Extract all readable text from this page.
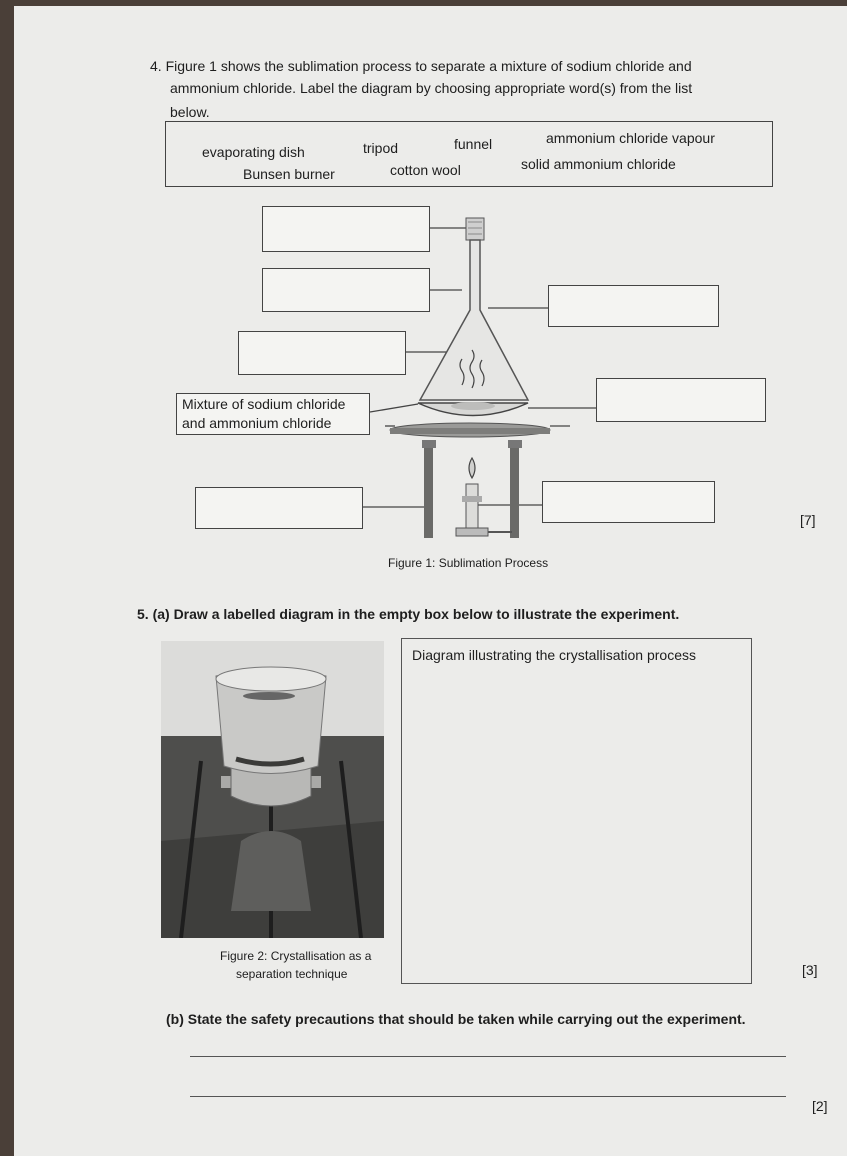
4. Figure 1 shows the sublimation process to separate a mixture of sodium chloride and
ammonium chloride. Label the diagram by choosing appropriate word(s) from the list
below.
evaporating dish	tripod	funnel	ammonium chloride vapour
Bunsen burner	cotton wool	solid ammonium chloride
Mixture of sodium chloride
and ammonium chloride
[7]
Figure 1: Sublimation Process
5. (a) Draw a labelled diagram in the empty box below to illustrate the experiment.
Figure 2: Crystallisation as a
separation technique
Diagram illustrating the crystallisation process
[3]
(b) State the safety precautions that should be taken while carrying out the experiment.
[2]
